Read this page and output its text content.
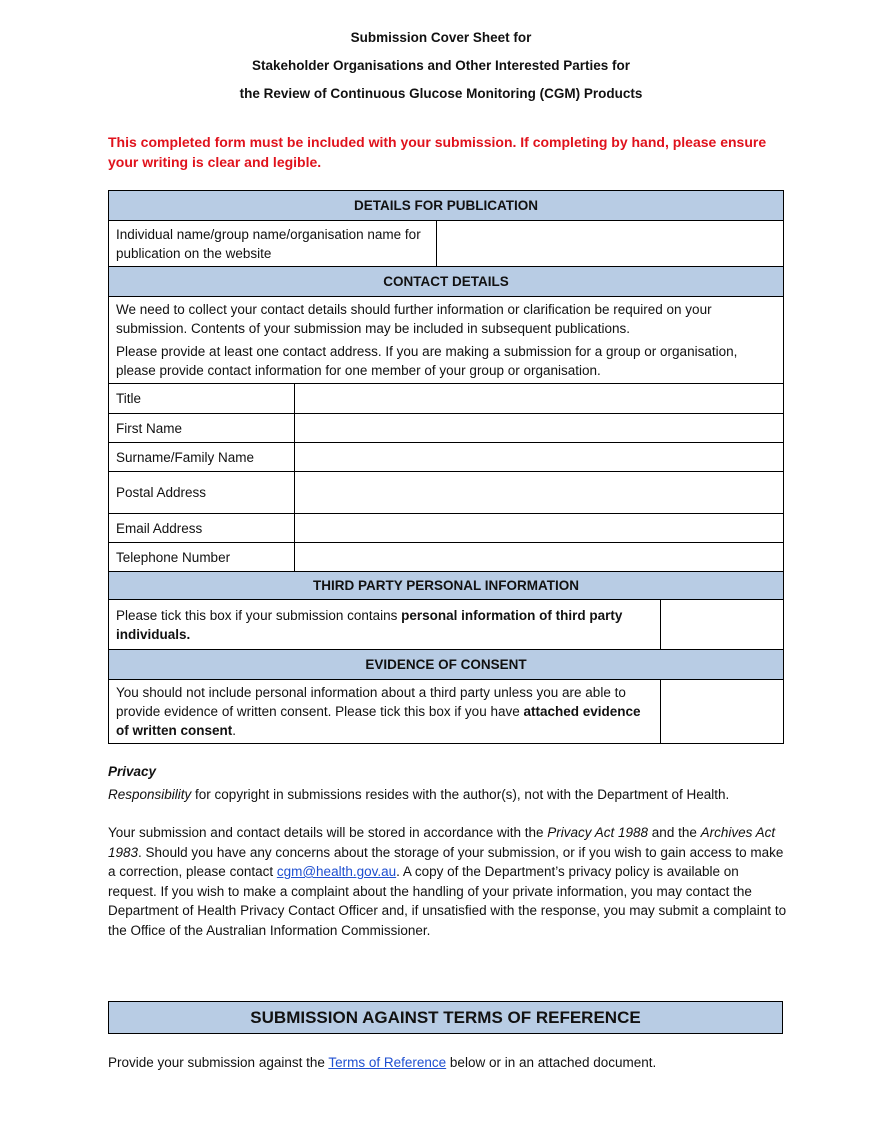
Submission Cover Sheet for
Stakeholder Organisations and Other Interested Parties for
the Review of Continuous Glucose Monitoring (CGM) Products
This completed form must be included with your submission. If completing by hand, please ensure your writing is clear and legible.
DETAILS FOR PUBLICATION			
Individual name/group name/organisation name for publication on the website			
CONTACT DETAILS			

We need to collect your contact details should further information or clarification be required on your submission. Contents of your submission may be included in subsequent publications.
Please provide at least one contact address. If you are making a submission for a group or organisation, please provide contact information for one member of your group or organisation.			

Title			
First Name			
Surname/Family Name			
Postal Address			
Email Address			
Telephone Number			
THIRD PARTY PERSONAL INFORMATION			
Please tick this box if your submission contains personal information of third party individuals.			
EVIDENCE OF CONSENT			
You should not include personal information about a third party unless you are able to provide evidence of written consent. Please tick this box if you have attached evidence of written consent.			

Privacy

Responsibility for copyright in submissions resides with the author(s), not with the Department of Health.

Your submission and contact details will be stored in accordance with the Privacy Act 1988 and the Archives Act 1983. Should you have any concerns about the storage of your submission, or if you wish to gain access to make a correction, please contact cgm@health.gov.au. A copy of the Department’s privacy policy is available on request. If you wish to make a complaint about the handling of your private information, you may contact the Department of Health Privacy Contact Officer and, if unsatisfied with the response, you may submit a complaint to the Office of the Australian Information Commissioner.

SUBMISSION AGAINST TERMS OF REFERENCE
Provide your submission against the Terms of Reference below or in an attached document.
